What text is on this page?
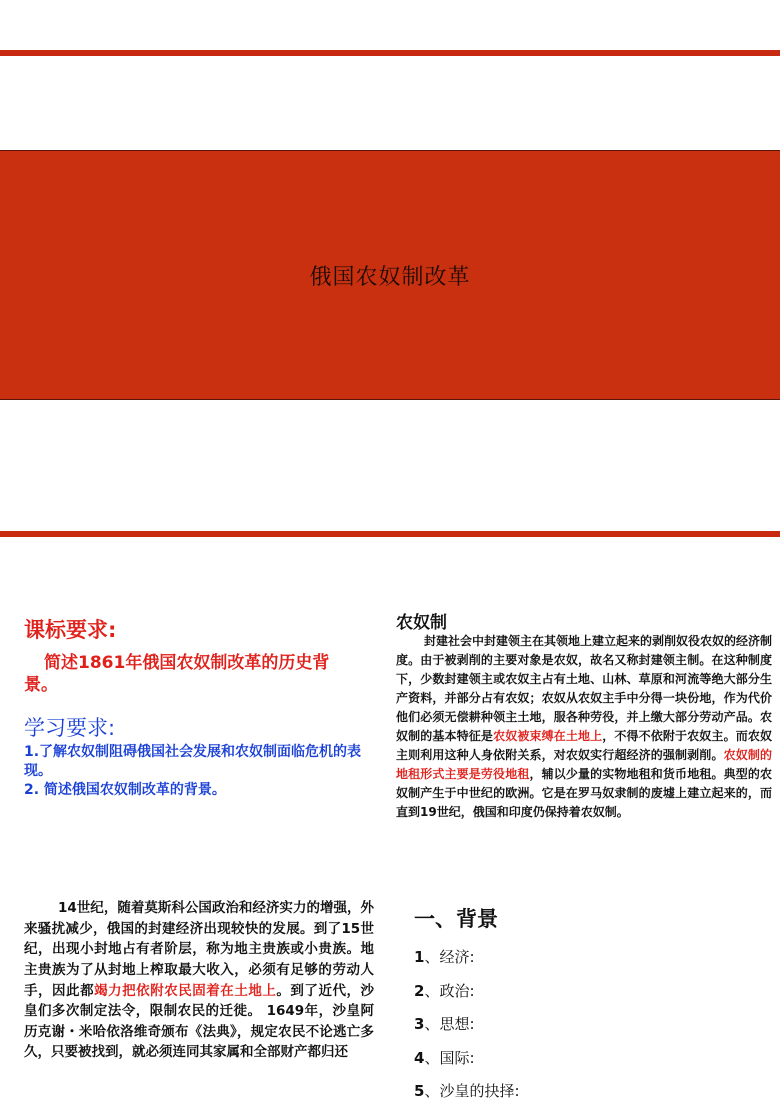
俄国农奴制改革
课标要求:
简述1861年俄国农奴制改革的历史背景。
学习要求:
1.了解农奴制阻碍俄国社会发展和农奴制面临危机的表现。
2. 简述俄国农奴制改革的背景。
农奴制
封建社会中封建领主在其领地上建立起来的剥削奴役农奴的经济制度。由于被剥削的主要对象是农奴，故名又称封建领主制。在这种制度下，少数封建领主或农奴主占有土地、山林、草原和河流等绝大部分生产资料，并部分占有农奴；农奴从农奴主手中分得一块份地，作为代价他们必须无偿耕种领主土地，服各种劳役，并上缴大部分劳动产品。农奴制的基本特征是农奴被束缚在土地上，不得不依附于农奴主。而农奴主则利用这种人身依附关系，对农奴实行超经济的强制剥削。农奴制的地租形式主要是劳役地租，辅以少量的实物地租和货币地租。典型的农奴制产生于中世纪的欧洲。它是在罗马奴隶制的废墟上建立起来的，而直到19世纪，俄国和印度仍保持着农奴制。
14世纪，随着莫斯科公国政治和经济实力的增强，外来骚扰减少，俄国的封建经济出现较快的发展。到了15世纪，出现小封地占有者阶层，称为地主贵族或小贵族。地主贵族为了从封地上榨取最大收入，必须有足够的劳动人手，因此都竭力把依附农民固着在土地上。到了近代，沙皇们多次制定法令，限制农民的迁徙。 1649年，沙皇阿历克谢・米哈依洛维奇颁布《法典》，规定农民不论逃亡多久，只要被找到，就必须连同其家属和全部财产都归还
一、背景
1、经济:
2、政治:
3、思想:
4、国际:
5、沙皇的抉择:
